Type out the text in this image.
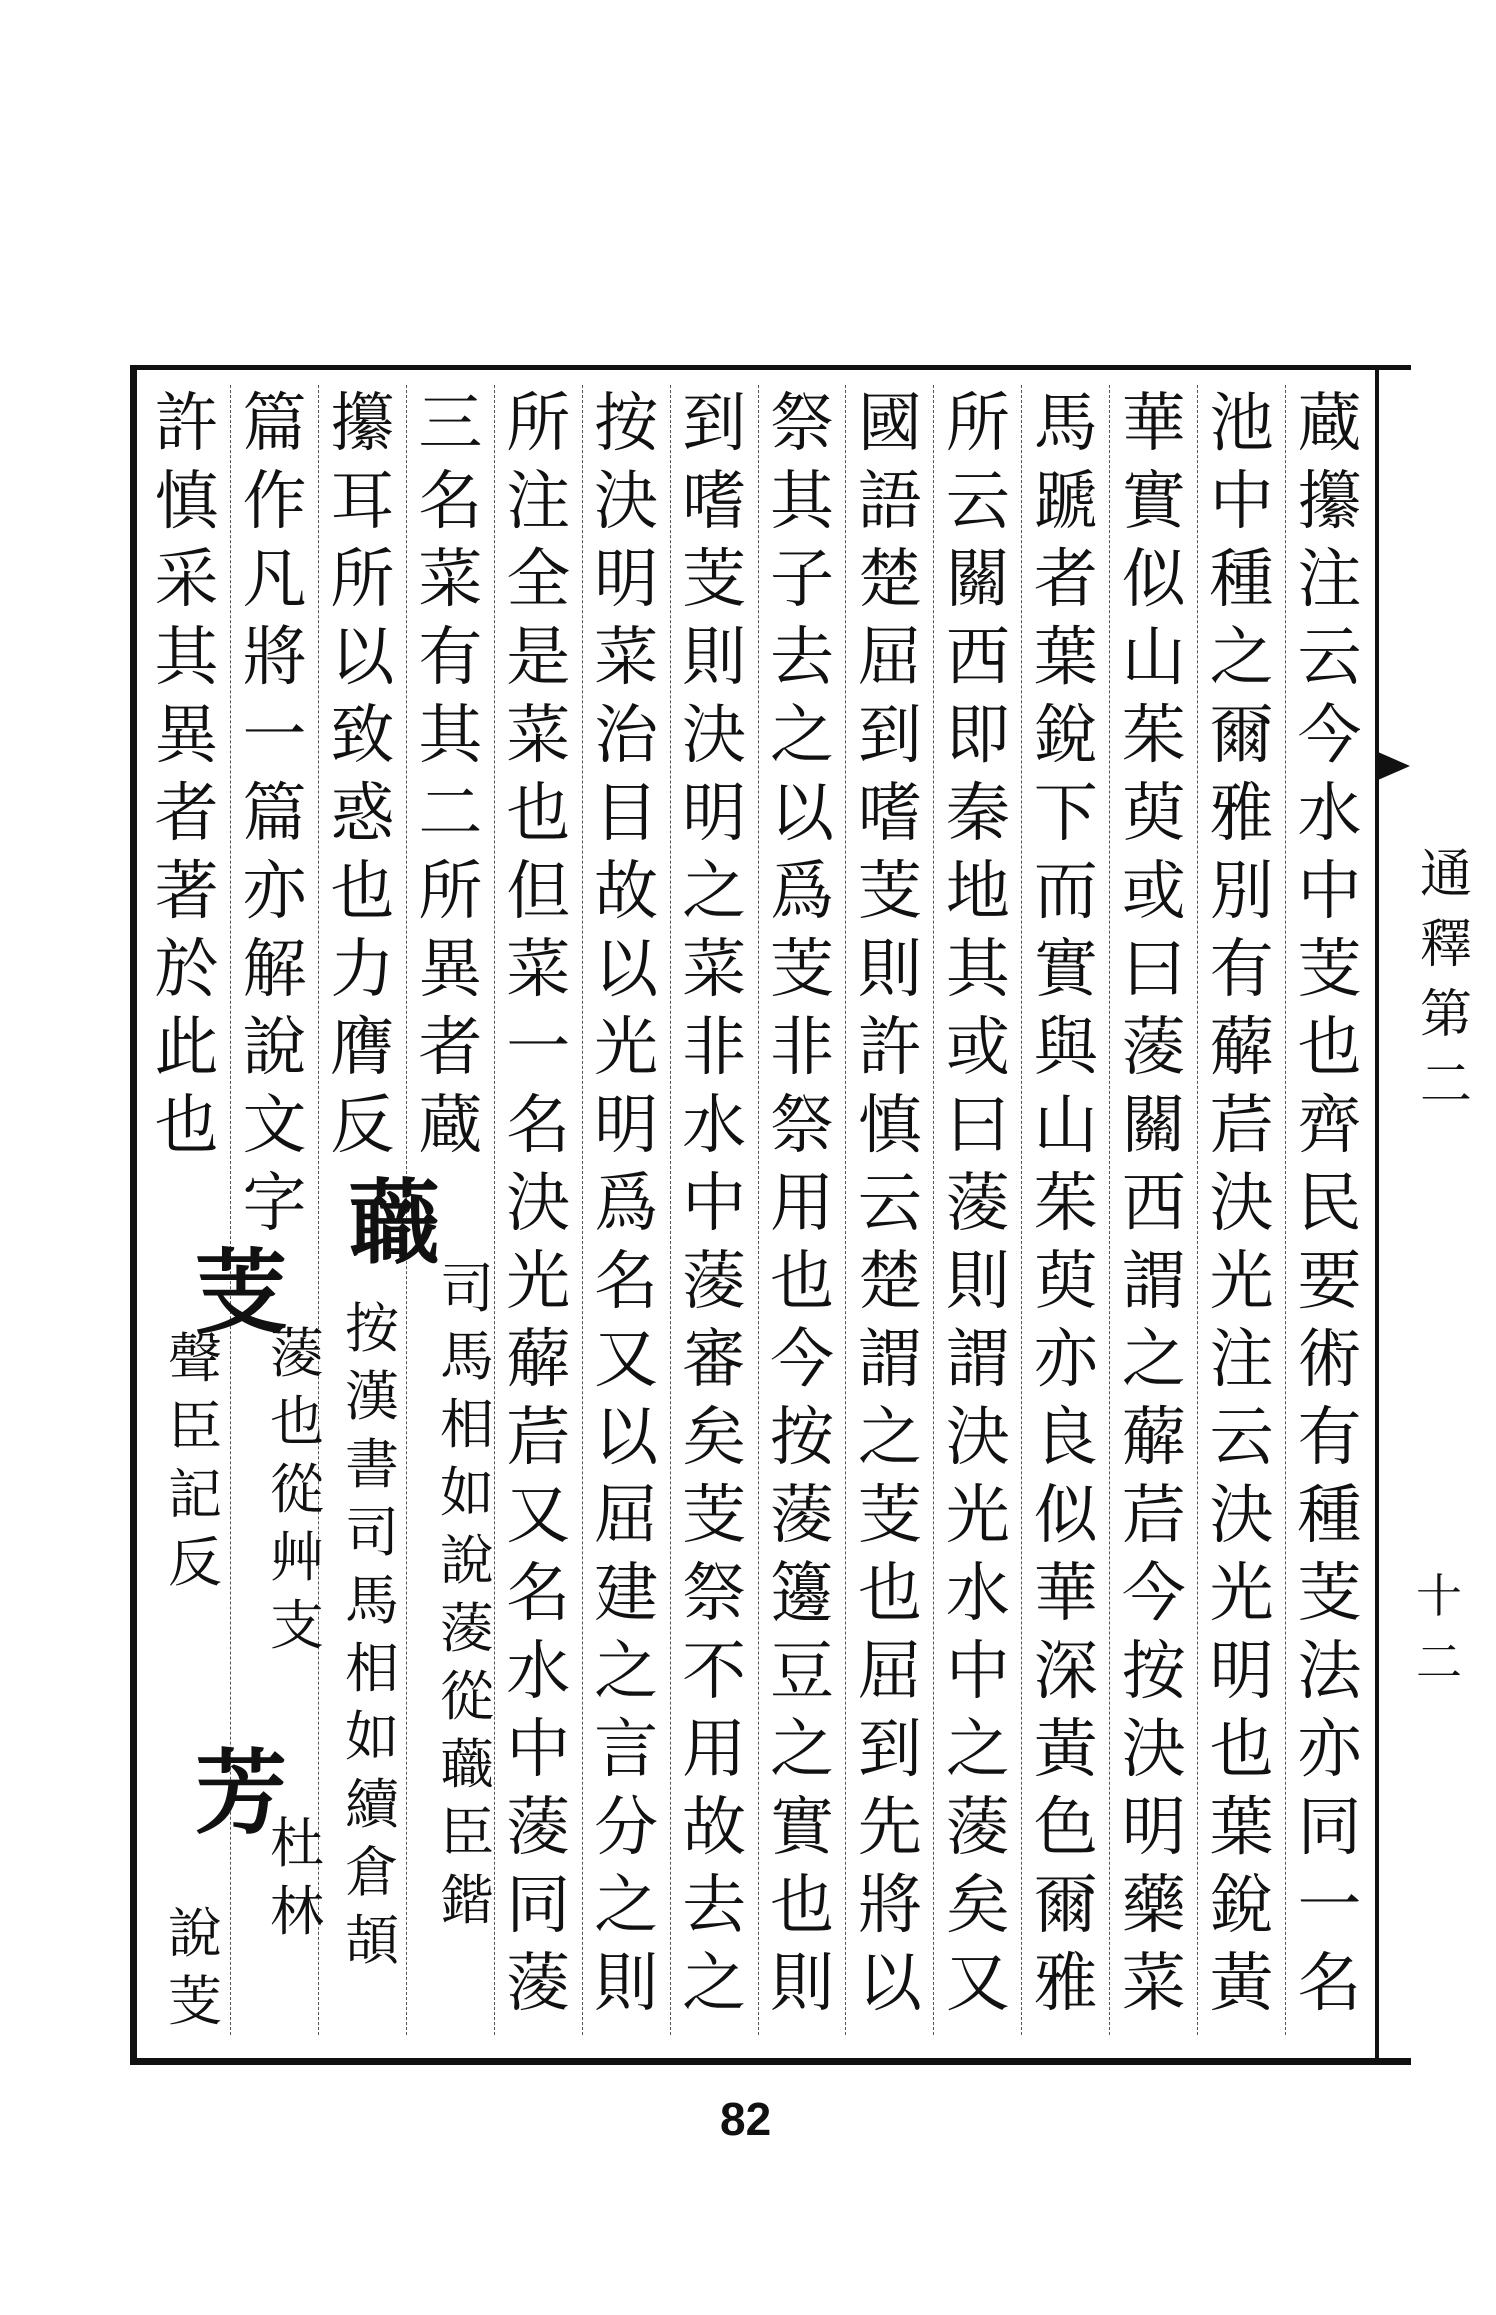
通
釋
第
二
十二
蔵
攥
注
云
今
水
中
芰
也
齊
民
要
術
有
種
芰
法
亦
同
一
名
池
中
種
之
爾
雅
別
有
薢
茩
決
光
注
云
決
光
明
也
葉
銳
黃
華
實
似
山
茱
萸
或
曰
蔆
關
西
謂
之
薢
茩
今
按
決
明
藥
菜
馬
蹏
者
葉
銳
下
而
實
與
山
茱
萸
亦
良
似
華
深
黃
色
爾
雅
所
云
關
西
即
秦
地
其
或
曰
蔆
則
謂
決
光
水
中
之
蔆
矣
又
國
語
楚
屈
到
嗜
芰
則
許
慎
云
楚
謂
之
芰
也
屈
到
先
將
以
祭
其
子
去
之
以
爲
芰
非
祭
用
也
今
按
蔆
籩
豆
之
實
也
則
到
嗜
芰
則
決
明
之
菜
非
水
中
蔆
審
矣
芰
祭
不
用
故
去
之
按
決
明
菜
治
目
故
以
光
明
爲
名
又
以
屈
建
之
言
分
之
則
所
注
全
是
菜
也
但
菜
一
名
決
光
薢
茩
又
名
水
中
蔆
同
蔆
三
名
菜
有
其
二
所
異
者
蔵
攥
耳
所
以
致
惑
也
力
膺
反
篇
作
凡
將
一
篇
亦
解
說
文
字
許
慎
采
其
異
者
著
於
此
也
蘵
芰
芳
司
馬
相
如
說
蔆
從
蘵
臣
鍇
按
漢
書
司
馬
相
如
續
倉
頡
蔆
也
從
艸
支
杜
林
聲
臣
記
反
說
芰
82
